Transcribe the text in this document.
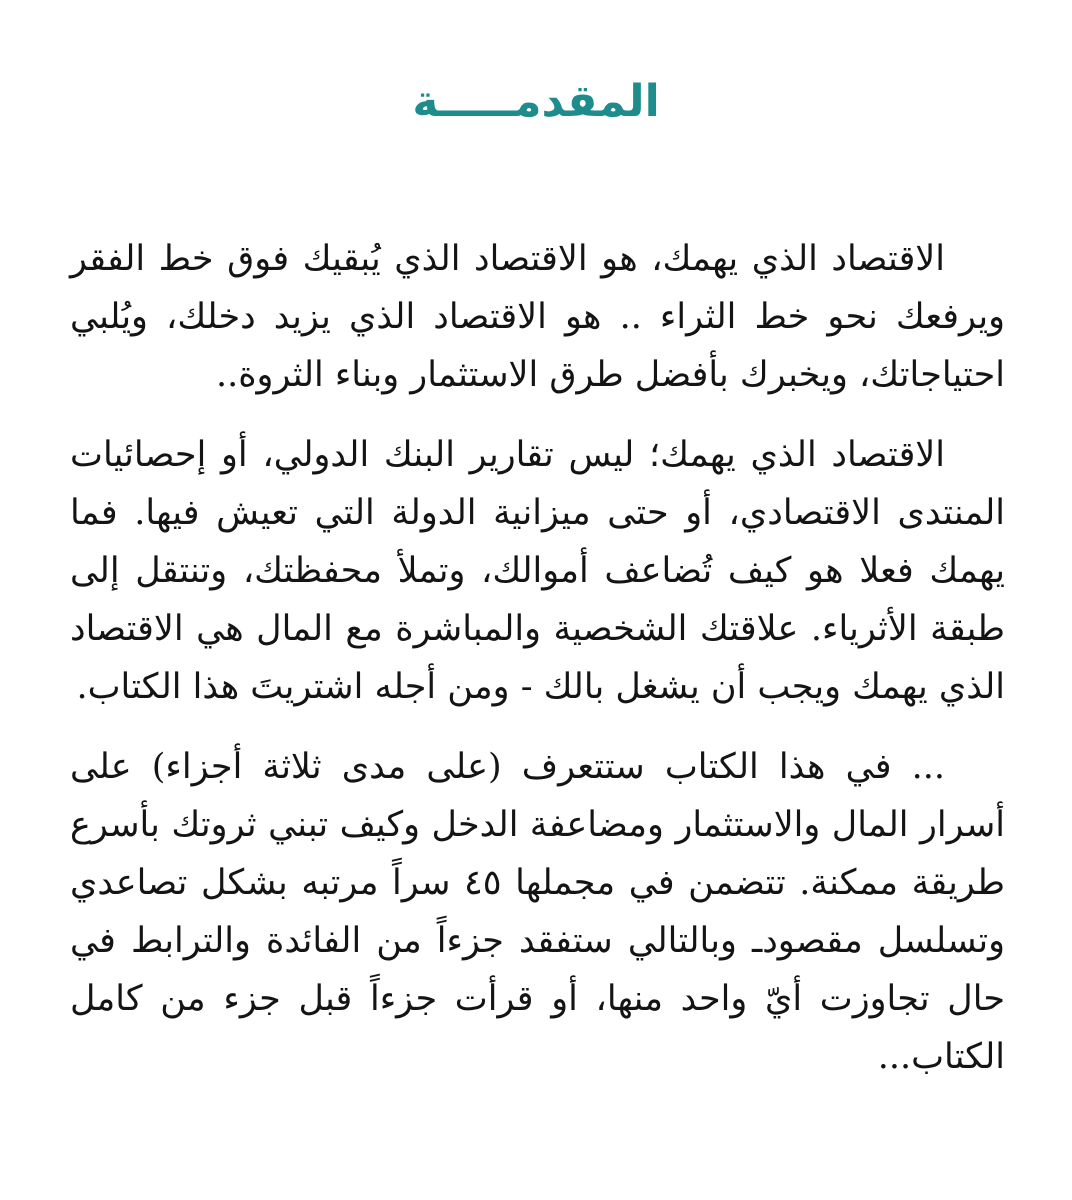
المقدمـــــة

الاقتصاد الذي يهمك، هو الاقتصاد الذي يُبقيك فوق خط الفقر ويرفعك نحو خط الثراء .. هو الاقتصاد الذي يزيد دخلك، ويُلبي احتياجاتك، ويخبرك بأفضل طرق الاستثمار وبناء الثروة..

الاقتصاد الذي يهمك؛ ليس تقارير البنك الدولي، أو إحصائيات المنتدى الاقتصادي، أو حتى ميزانية الدولة التي تعيش فيها. فما يهمك فعلا هو كيف تُضاعف أموالك، وتملأ محفظتك، وتنتقل إلى طبقة الأثرياء. علاقتك الشخصية والمباشرة مع المال هي الاقتصاد الذي يهمك ويجب أن يشغل بالك - ومن أجله اشتريتَ هذا الكتاب.

... في هذا الكتاب ستتعرف (على مدى ثلاثة أجزاء) على أسرار المال والاستثمار ومضاعفة الدخل وكيف تبني ثروتك بأسرع طريقة ممكنة. تتضمن في مجملها ٤٥ سراً مرتبه بشكل تصاعدي وتسلسل مقصودـ وبالتالي ستفقد جزءاً من الفائدة والترابط في حال تجاوزت أيّ واحد منها، أو قرأت جزءاً قبل جزء من كامل الكتاب...
